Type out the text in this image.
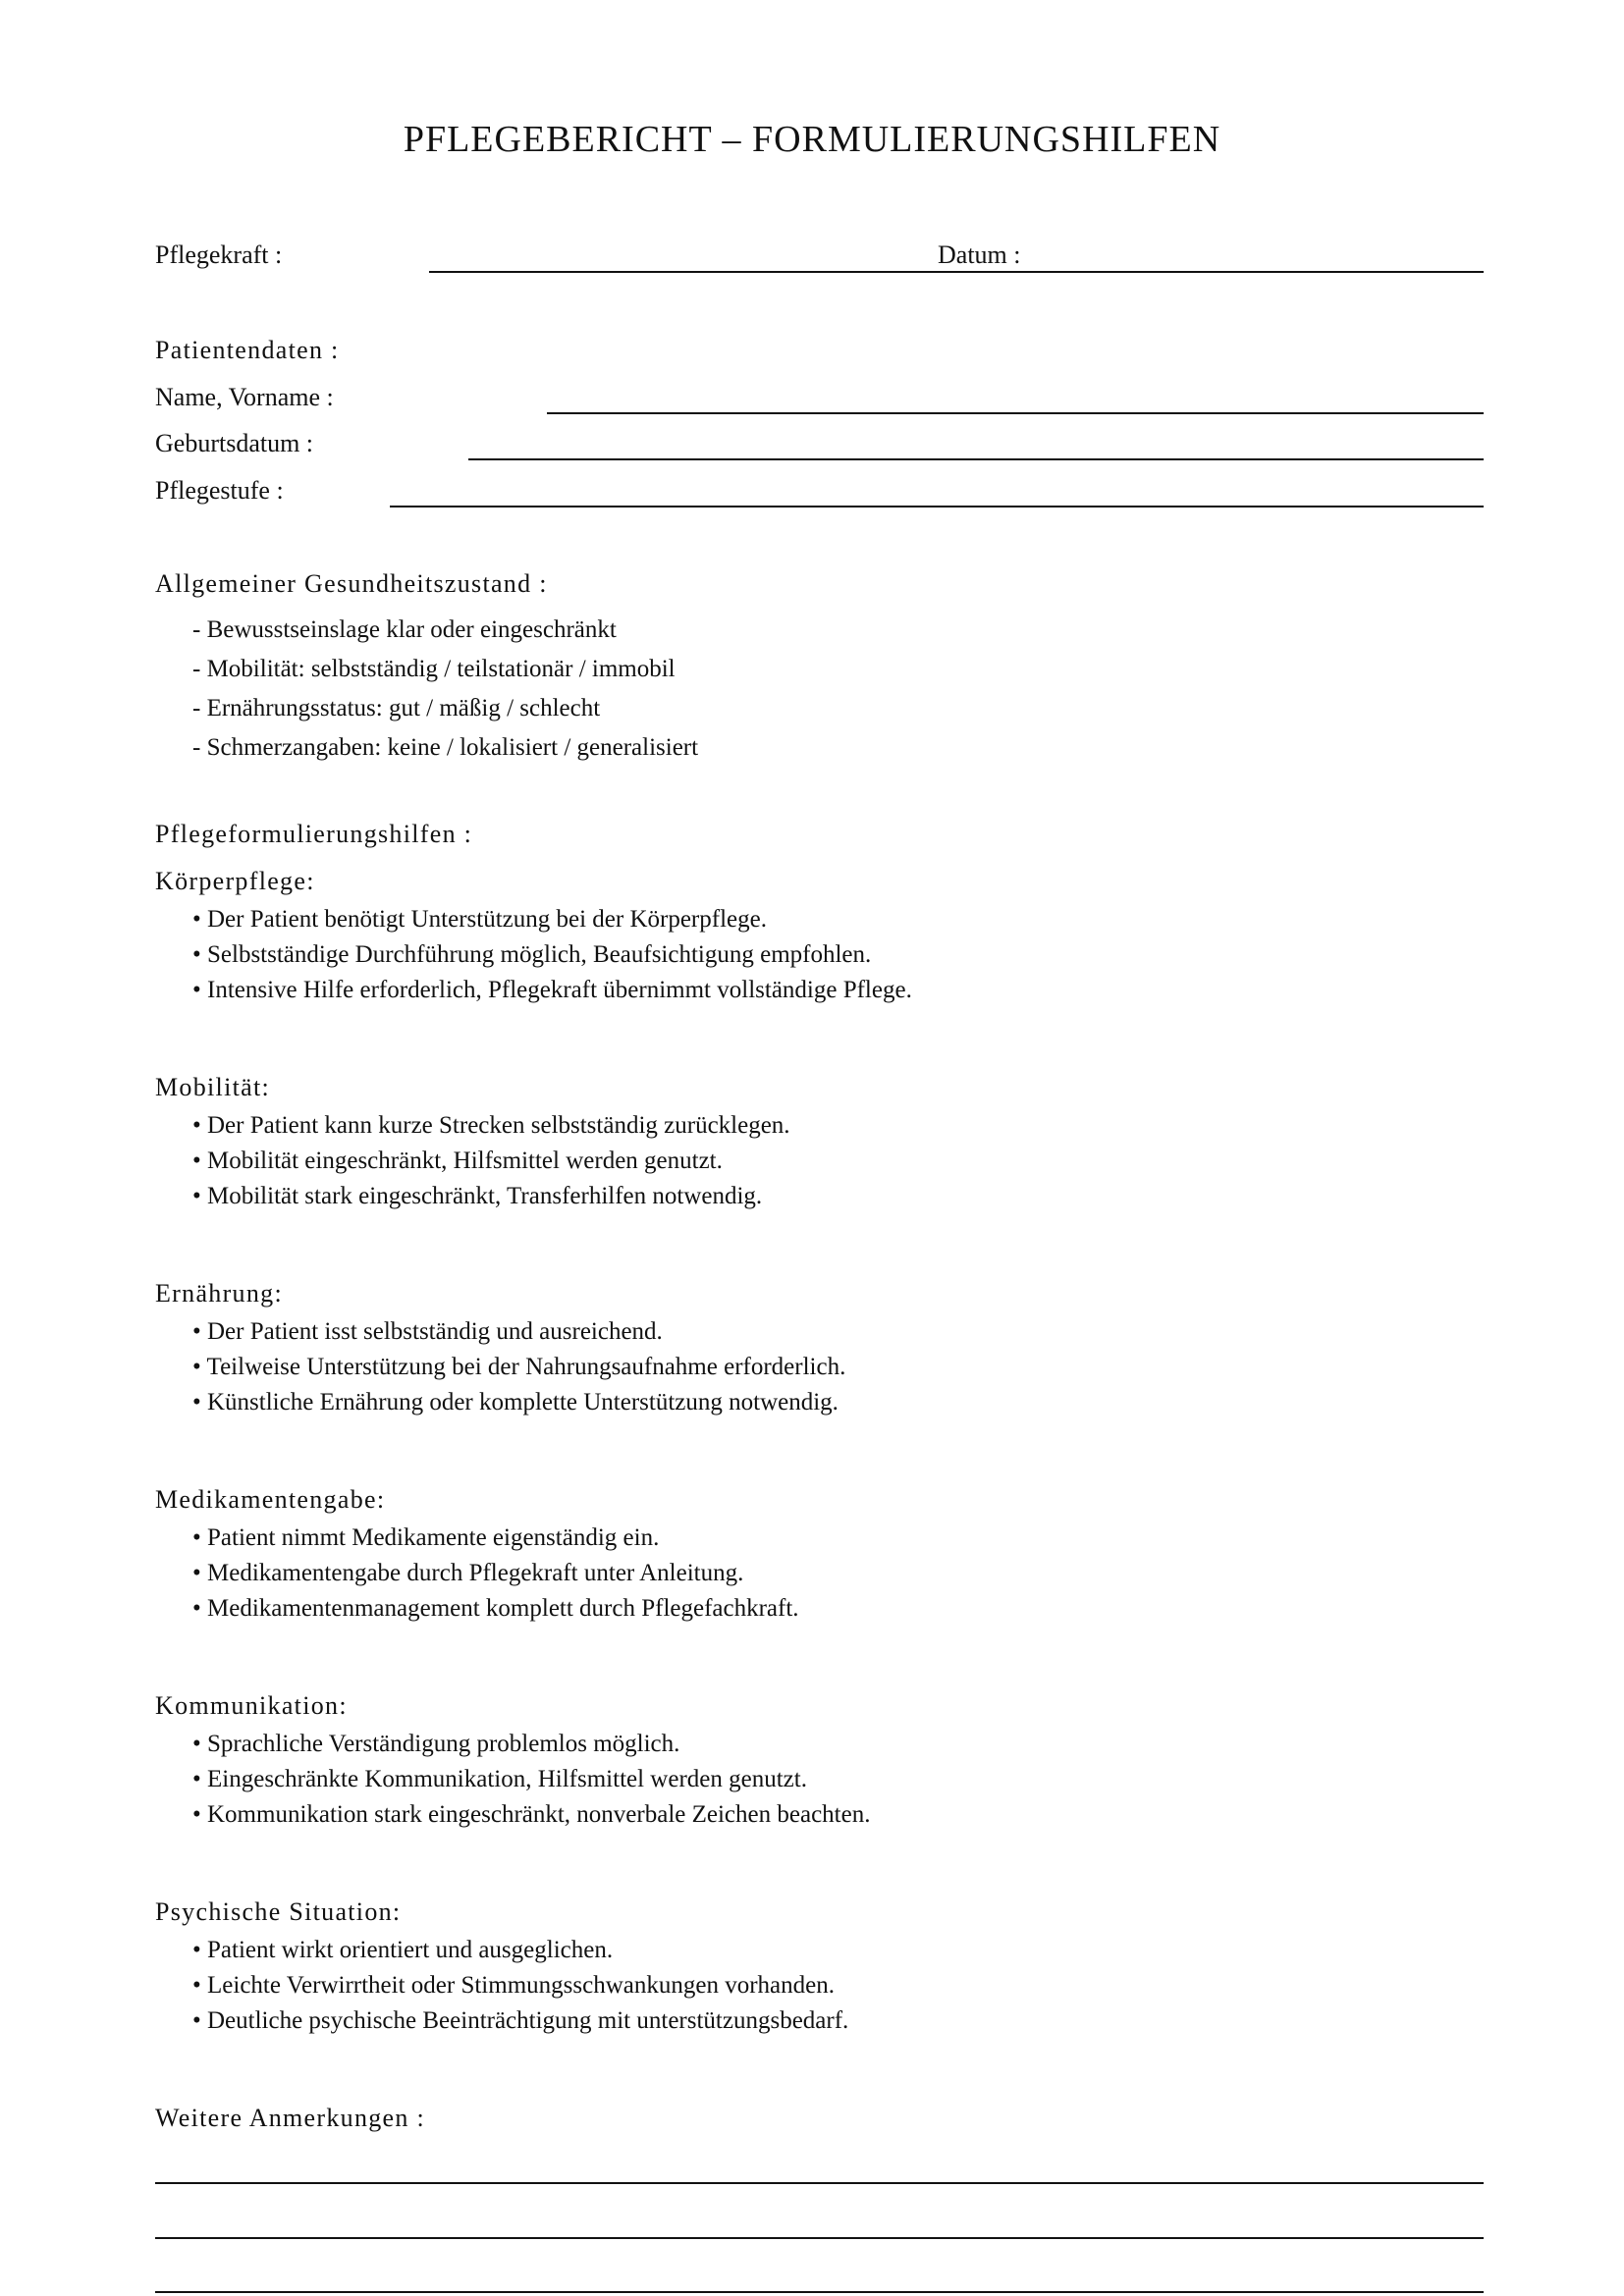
PFLEGEBERICHT – FORMULIERUNGSHILFEN
Pflegekraft :	Datum :
Patientendaten :
Name, Vorname :
Geburtsdatum :
Pflegestufe :
Allgemeiner Gesundheitszustand :
- Bewusstseinslage klar oder eingeschränkt
- Mobilität: selbstständig / teilstationär / immobil
- Ernährungsstatus: gut / mäßig / schlecht
- Schmerzangaben: keine / lokalisiert / generalisiert
Pflegeformulierungshilfen :
Körperpflege:
• Der Patient benötigt Unterstützung bei der Körperpflege.
• Selbstständige Durchführung möglich, Beaufsichtigung empfohlen.
• Intensive Hilfe erforderlich, Pflegekraft übernimmt vollständige Pflege.
Mobilität:
• Der Patient kann kurze Strecken selbstständig zurücklegen.
• Mobilität eingeschränkt, Hilfsmittel werden genutzt.
• Mobilität stark eingeschränkt, Transferhilfen notwendig.
Ernährung:
• Der Patient isst selbstständig und ausreichend.
• Teilweise Unterstützung bei der Nahrungsaufnahme erforderlich.
• Künstliche Ernährung oder komplette Unterstützung notwendig.
Medikamentengabe:
• Patient nimmt Medikamente eigenständig ein.
• Medikamentengabe durch Pflegekraft unter Anleitung.
• Medikamentenmanagement komplett durch Pflegefachkraft.
Kommunikation:
• Sprachliche Verständigung problemlos möglich.
• Eingeschränkte Kommunikation, Hilfsmittel werden genutzt.
• Kommunikation stark eingeschränkt, nonverbale Zeichen beachten.
Psychische Situation:
• Patient wirkt orientiert und ausgeglichen.
• Leichte Verwirrtheit oder Stimmungsschwankungen vorhanden.
• Deutliche psychische Beeinträchtigung mit unterstützungsbedarf.
Weitere Anmerkungen :
